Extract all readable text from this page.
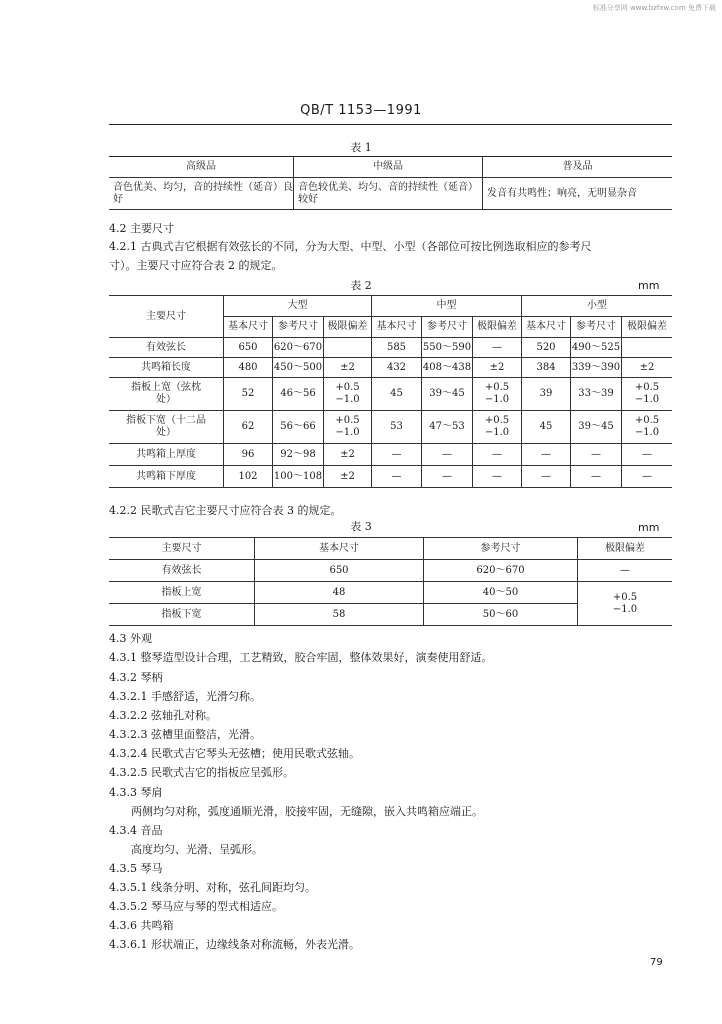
标准分享网 www.bzfxw.com 免费下载
QB/T 1153—1991
表 1
高级品	中级品	普及品
音色优美、均匀，音的持续性（延音）良好	音色较优美、均匀、音的持续性（延音）较好	发音有共鸣性；响亮，无明显杂音
4.2 主要尺寸
4.2.1 古典式吉它根据有效弦长的不同，分为大型、中型、小型（各部位可按比例选取相应的参考尺
寸）。主要尺寸应符合表 2 的规定。
表 2	mm
主要尺寸	大型			中型			小型		
	基本尺寸	参考尺寸	极限偏差	基本尺寸	参考尺寸	极限偏差	基本尺寸	参考尺寸	极限偏差
有效弦长	650	620～670		585	550～590	—	520	490～525	
共鸣箱长度	480	450～500	±2	432	408～438	±2	384	339～390	±2
指板上宽（弦枕处）	52	46～56	+0.5 −1.0	45	39～45	+0.5 −1.0	39	33～39	+0.5 −1.0
指板下宽（十二品处）	62	56～66	+0.5 −1.0	53	47～53	+0.5 −1.0	45	39～45	+0.5 −1.0
共鸣箱上厚度	96	92～98	±2	—	—	—	—	—	—
共鸣箱下厚度	102	100～108	±2	—	—	—	—	—	—
4.2.2 民歌式吉它主要尺寸应符合表 3 的规定。
表 3	mm
主要尺寸	基本尺寸	参考尺寸	极限偏差
有效弦长	650	620～670	—
指板上宽	48	40～50	+0.5
−1.0

指板下宽	58	50～60	
4.3 外观
4.3.1 整琴造型设计合理，工艺精致，胶合牢固，整体效果好，演奏使用舒适。
4.3.2 琴柄
4.3.2.1 手感舒适，光滑匀称。
4.3.2.2 弦轴孔对称。
4.3.2.3 弦槽里面整洁，光滑。
4.3.2.4 民歌式吉它琴头无弦槽；使用民歌式弦轴。
4.3.2.5 民歌式吉它的指板应呈弧形。
4.3.3 琴肩
两侧均匀对称，弧度通顺光滑，胶接牢固，无缝隙，嵌入共鸣箱应端正。
4.3.4 音品
高度均匀、光滑、呈弧形。
4.3.5 琴马
4.3.5.1 线条分明、对称，弦孔间距均匀。
4.3.5.2 琴马应与琴的型式相适应。
4.3.6 共鸣箱
4.3.6.1 形状端正，边缘线条对称流畅，外表光滑。
79
